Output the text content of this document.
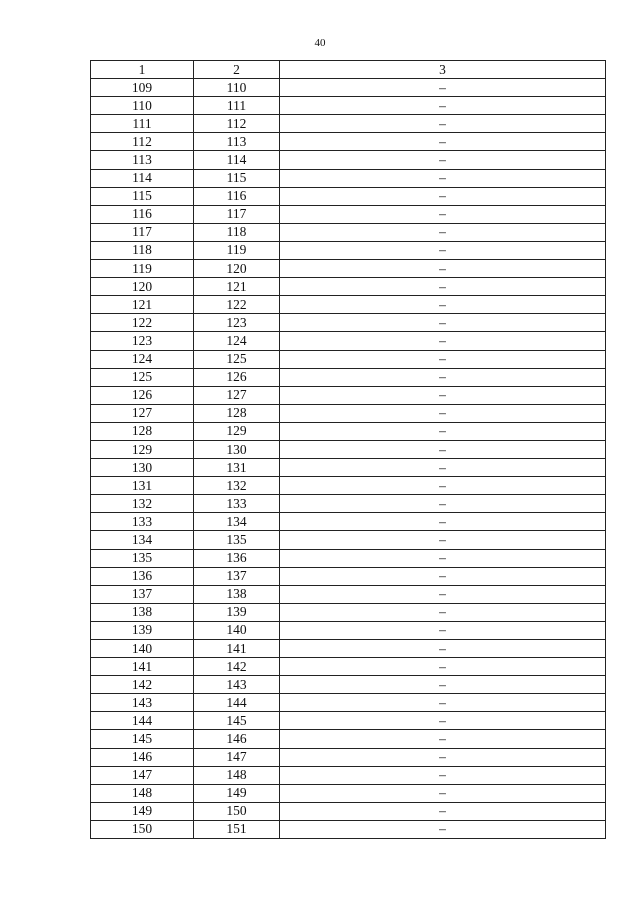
40
1	2	3
109	110	–
110	111	–
111	112	–
112	113	–
113	114	–
114	115	–
115	116	–
116	117	–
117	118	–
118	119	–
119	120	–
120	121	–
121	122	–
122	123	–
123	124	–
124	125	–
125	126	–
126	127	–
127	128	–
128	129	–
129	130	–
130	131	–
131	132	–
132	133	–
133	134	–
134	135	–
135	136	–
136	137	–
137	138	–
138	139	–
139	140	–
140	141	–
141	142	–
142	143	–
143	144	–
144	145	–
145	146	–
146	147	–
147	148	–
148	149	–
149	150	–
150	151	–
